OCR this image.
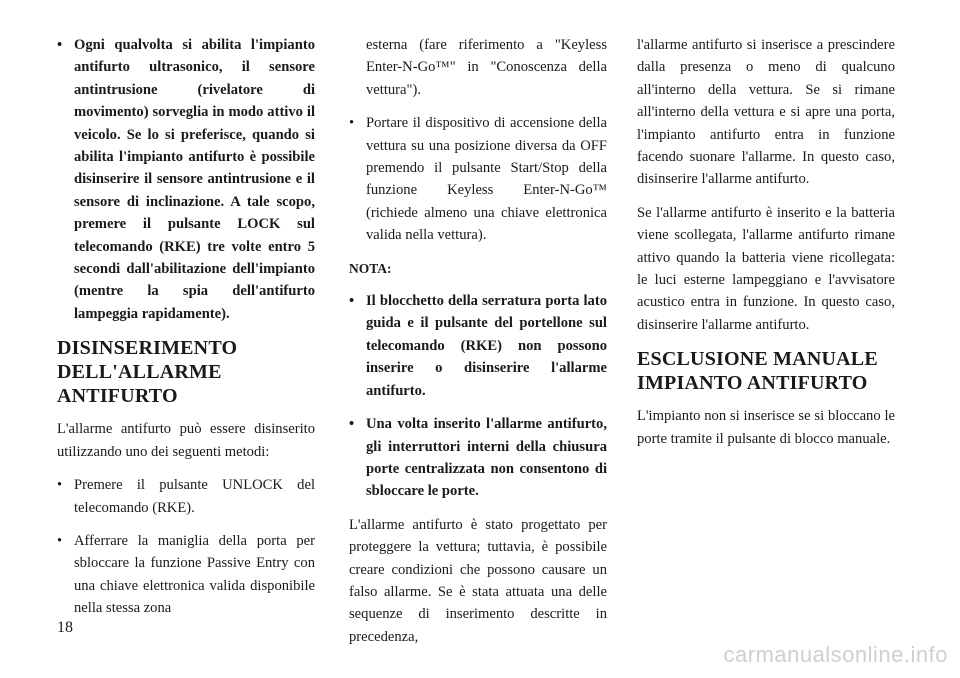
• Ogni qualvolta si abilita l'impianto antifurto ultrasonico, il sensore antintrusione (rivelatore di movimento) sorveglia in modo attivo il veicolo. Se lo si preferisce, quando si abilita l'impianto antifurto è possibile disinserire il sensore antintrusione e il sensore di inclinazione. A tale scopo, premere il pulsante LOCK sul telecomando (RKE) tre volte entro 5 secondi dall'abilitazione dell'impianto (mentre la spia dell'antifurto lampeggia rapidamente).
DISINSERIMENTO
DELL'ALLARME
ANTIFURTO

L'allarme antifurto può essere disinserito utilizzando uno dei seguenti metodi:

• Premere il pulsante UNLOCK del telecomando (RKE).
• Afferrare la maniglia della porta per sbloccare la funzione Passive Entry con una chiave elettronica valida disponibile nella stessa zona
esterna (fare riferimento a "Keyless Enter-N-Go™" in "Conoscenza della vettura").
• Portare il dispositivo di accensione della vettura su una posizione diversa da OFF premendo il pulsante Start/Stop della funzione Keyless Enter-N-Go™ (richiede almeno una chiave elettronica valida nella vettura).
NOTA:
• Il blocchetto della serratura porta lato guida e il pulsante del portellone sul telecomando (RKE) non possono inserire o disinserire l'allarme antifurto.
• Una volta inserito l'allarme antifurto, gli interruttori interni della chiusura porte centralizzata non consentono di sbloccare le porte.

L'allarme antifurto è stato progettato per proteggere la vettura; tuttavia, è possibile creare condizioni che possono causare un falso allarme. Se è stata attuata una delle sequenze di inserimento descritte in precedenza,

l'allarme antifurto si inserisce a prescindere dalla presenza o meno di qualcuno all'interno della vettura. Se si rimane all'interno della vettura e si apre una porta, l'impianto antifurto entra in funzione facendo suonare l'allarme. In questo caso, disinserire l'allarme antifurto.

Se l'allarme antifurto è inserito e la batteria viene scollegata, l'allarme antifurto rimane attivo quando la batteria viene ricollegata: le luci esterne lampeggiano e l'avvisatore acustico entra in funzione. In questo caso, disinserire l'allarme antifurto.

ESCLUSIONE MANUALE
IMPIANTO ANTIFURTO

L'impianto non si inserisce se si bloccano le porte tramite il pulsante di blocco manuale.

18
carmanualsonline.info
